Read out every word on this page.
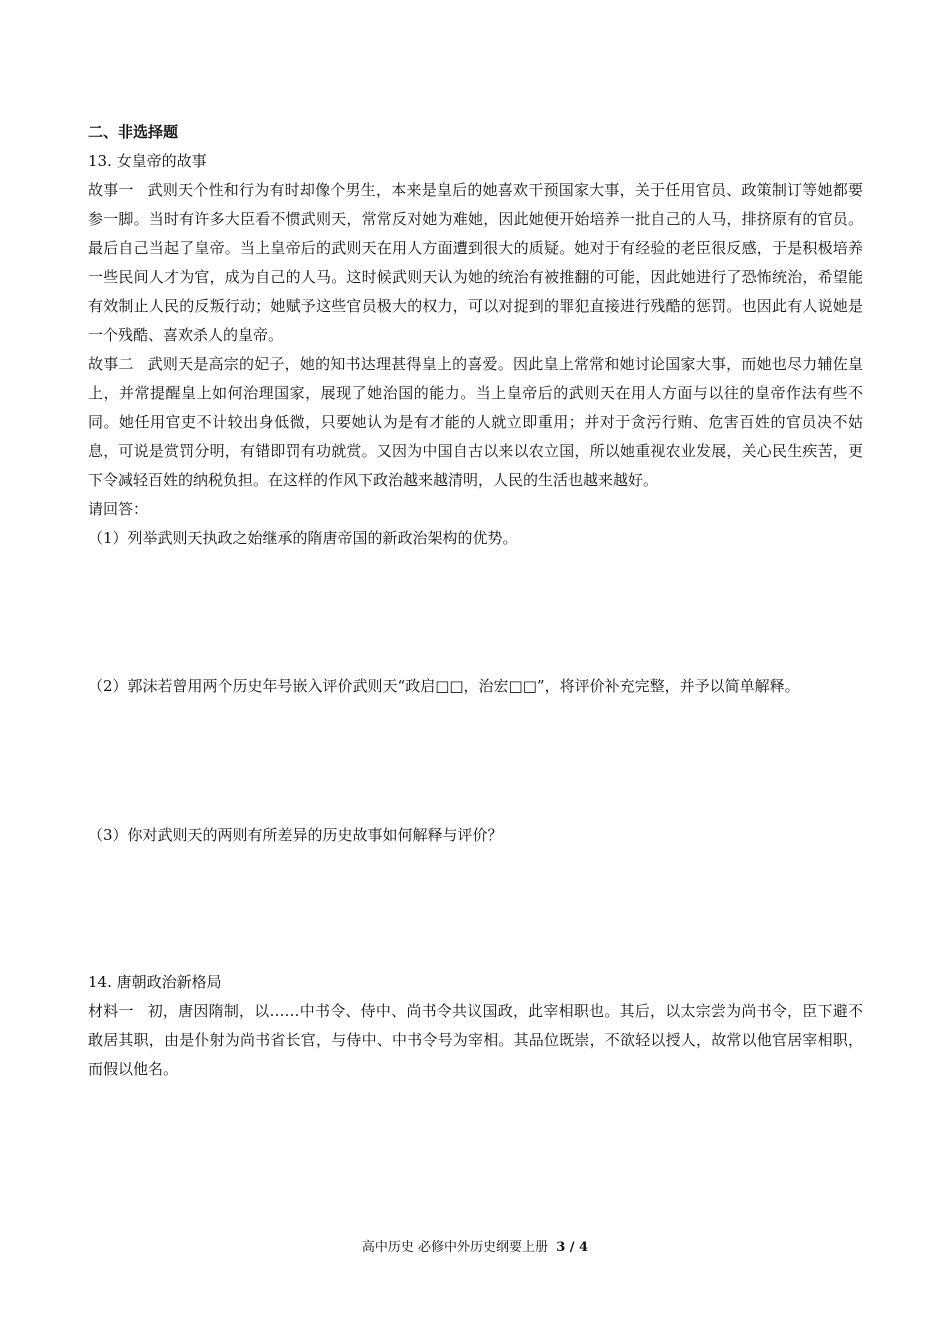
二、非选择题

13. 女皇帝的故事

故事一 武则天个性和行为有时却像个男生，本来是皇后的她喜欢干预国家大事，关于任用官员、政策制订等她都要参一脚。当时有许多大臣看不惯武则天，常常反对她为难她，因此她便开始培养一批自己的人马，排挤原有的官员。最后自己当起了皇帝。当上皇帝后的武则天在用人方面遭到很大的质疑。她对于有经验的老臣很反感，于是积极培养一些民间人才为官，成为自己的人马。这时候武则天认为她的统治有被推翻的可能，因此她进行了恐怖统治，希望能有效制止人民的反叛行动；她赋予这些官员极大的权力，可以对捉到的罪犯直接进行残酷的惩罚。也因此有人说她是一个残酷、喜欢杀人的皇帝。

故事二 武则天是高宗的妃子，她的知书达理甚得皇上的喜爱。因此皇上常常和她讨论国家大事，而她也尽力辅佐皇上，并常提醒皇上如何治理国家，展现了她治国的能力。当上皇帝后的武则天在用人方面与以往的皇帝作法有些不同。她任用官吏不计较出身低微，只要她认为是有才能的人就立即重用；并对于贪污行贿、危害百姓的官员决不姑息，可说是赏罚分明，有错即罚有功就赏。又因为中国自古以来以农立国，所以她重视农业发展，关心民生疾苦，更下令减轻百姓的纳税负担。在这样的作风下政治越来越清明，人民的生活也越来越好。

请回答：

（1）列举武则天执政之始继承的隋唐帝国的新政治架构的优势。

（2）郭沫若曾用两个历史年号嵌入评价武则天“政启□□，治宏□□”，将评价补充完整，并予以简单解释。

（3）你对武则天的两则有所差异的历史故事如何解释与评价？

14. 唐朝政治新格局

材料一 初，唐因隋制，以……中书令、侍中、尚书令共议国政，此宰相职也。其后，以太宗尝为尚书令，臣下避不敢居其职，由是仆射为尚书省长官，与侍中、中书令号为宰相。其品位既崇，不欲轻以授人，故常以他官居宰相职，而假以他名。

高中历史 必修中外历史纲要上册 3 / 4
